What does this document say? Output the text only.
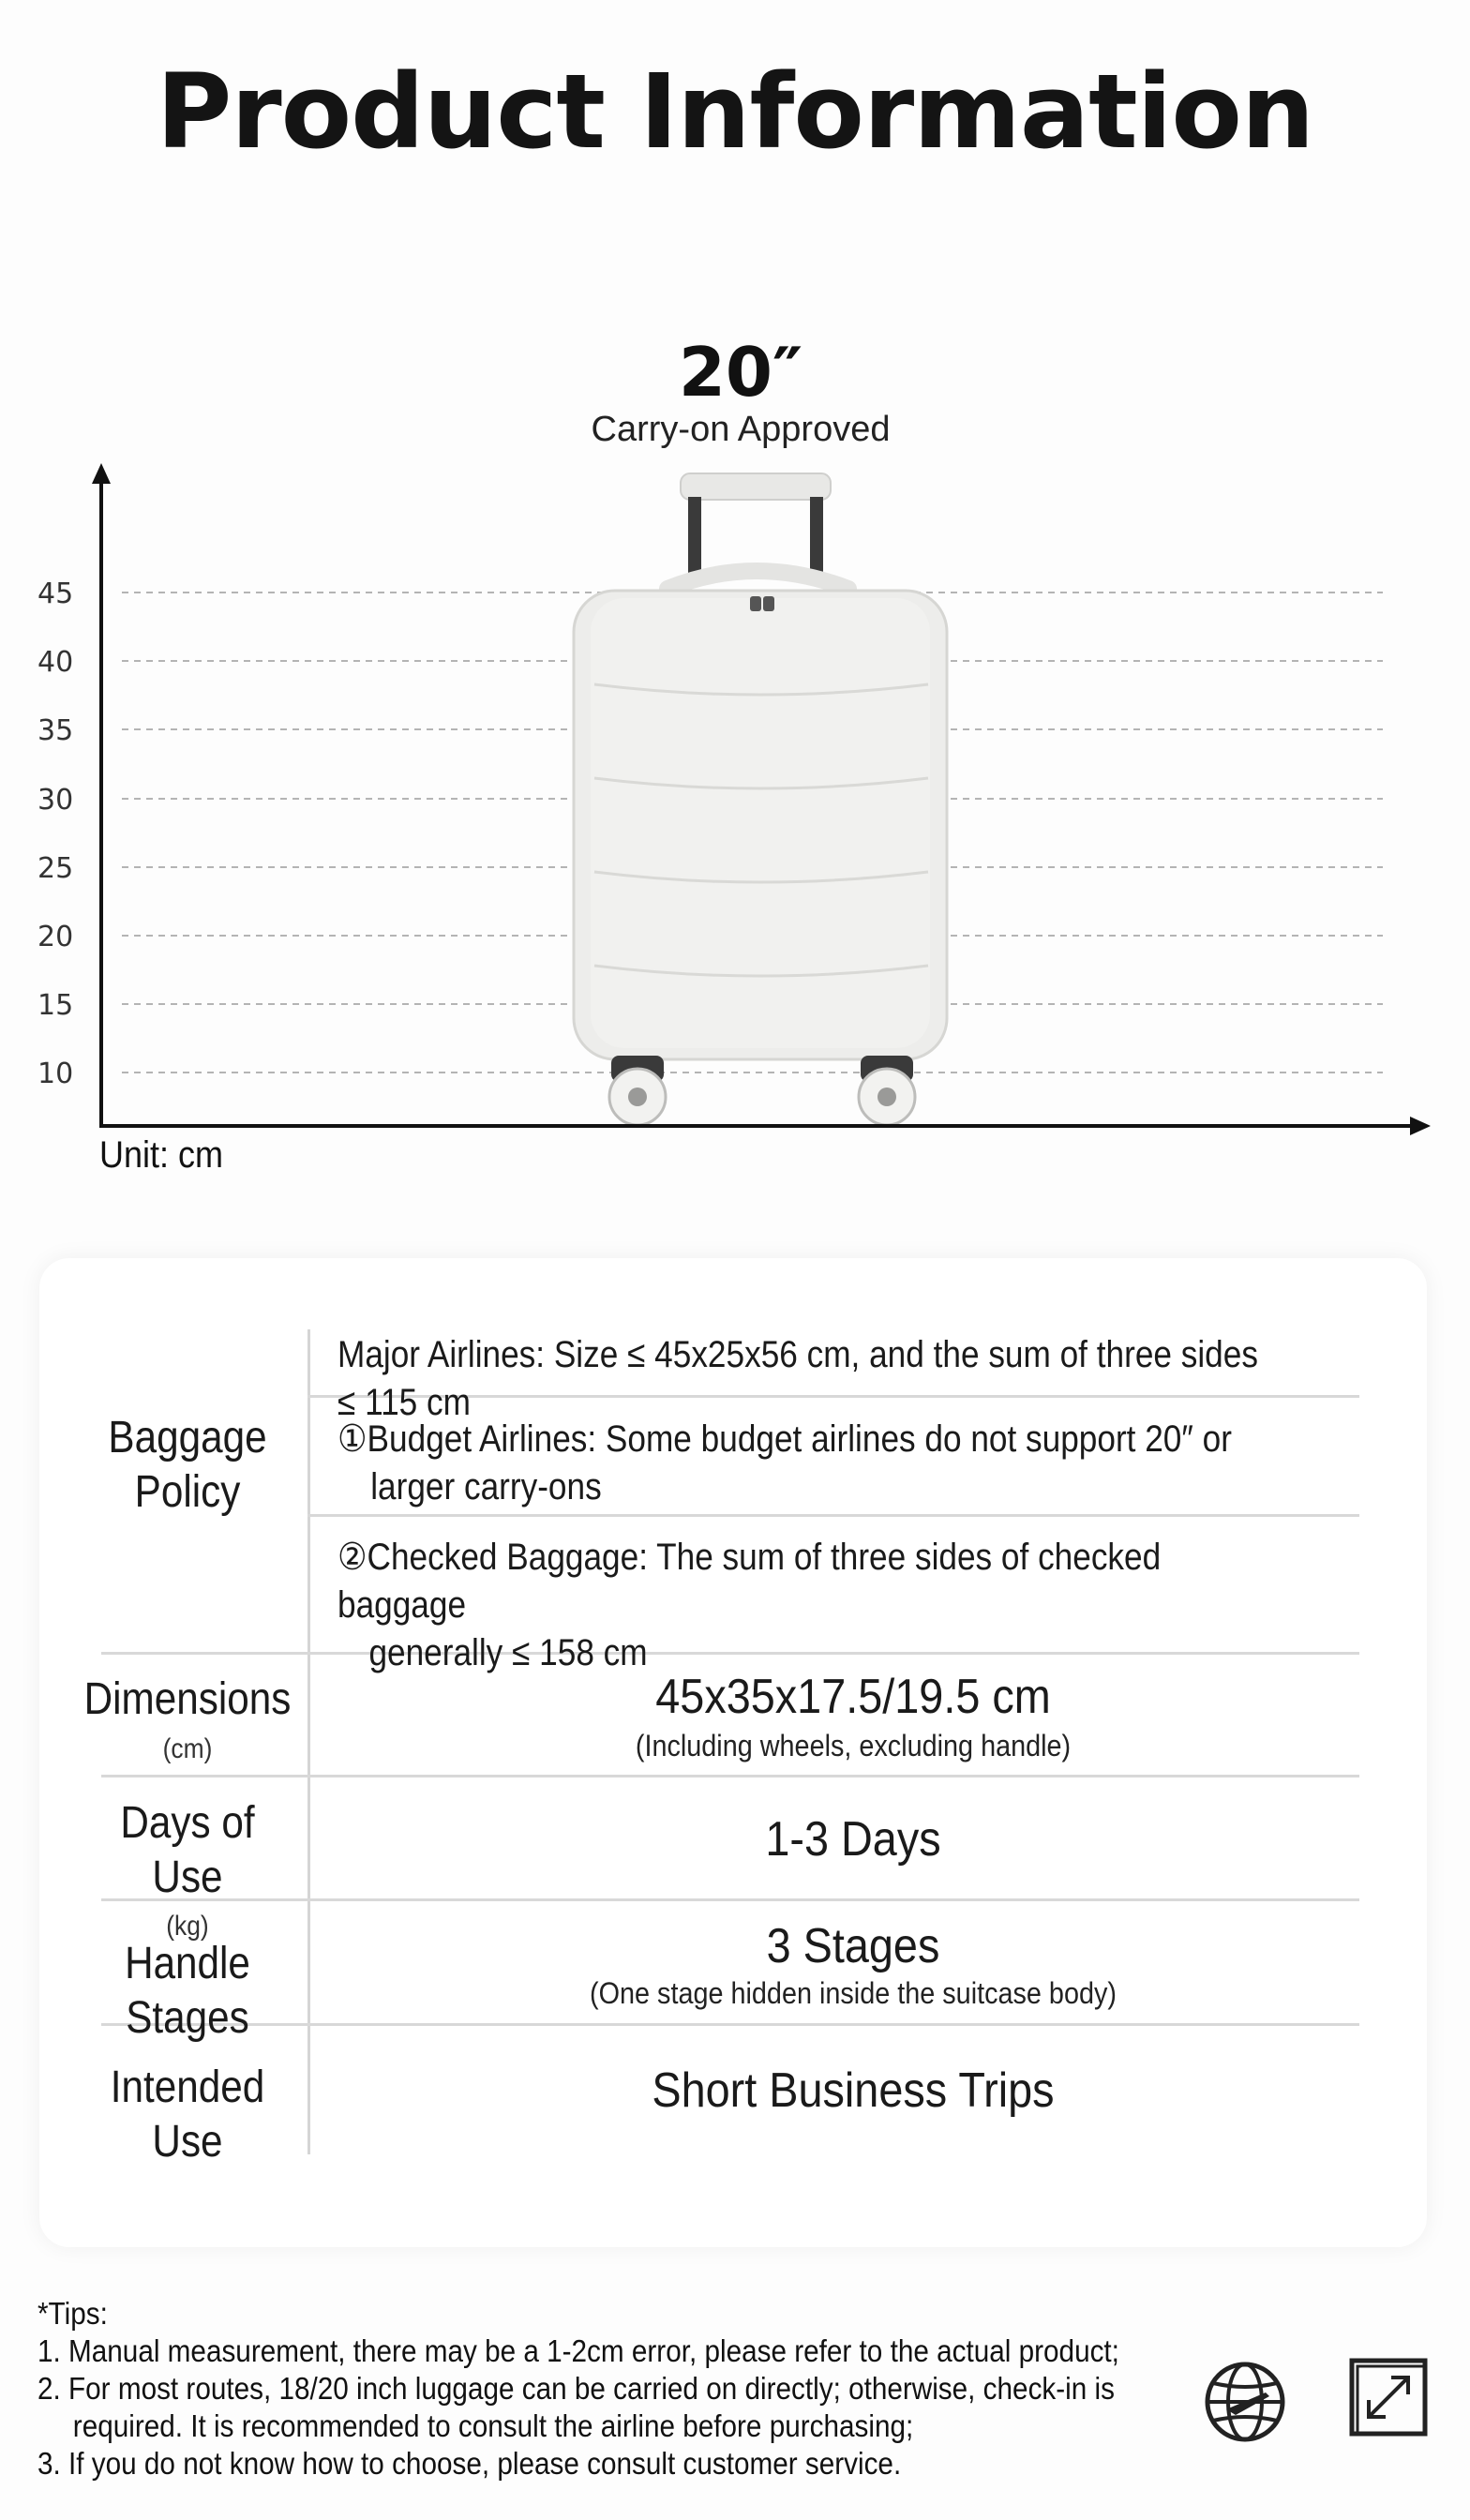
Product Information
20″
Carry-on Approved
45
40
35
30
25
20
15
10
Unit: cm
Baggage
Policy
Major Airlines: Size ≤ 45x25x56 cm, and the sum of three sides ≤ 115 cm
①Budget Airlines: Some budget airlines do not support 20″ or
larger carry-ons
②Checked Baggage: The sum of three sides of checked baggage
generally ≤ 158 cm
Dimensions
(cm)
45x35x17.5/19.5 cm
(Including wheels, excluding handle)
Days of Use
(kg)
1-3 Days
Handle Stages
3 Stages
(One stage hidden inside the suitcase body)
Intended Use
Short Business Trips
*Tips:
1. Manual measurement, there may be a 1-2cm error, please refer to the actual product;
2. For most routes, 18/20 inch luggage can be carried on directly; otherwise, check-in is
required. It is recommended to consult the airline before purchasing;
3. If you do not know how to choose, please consult customer service.
